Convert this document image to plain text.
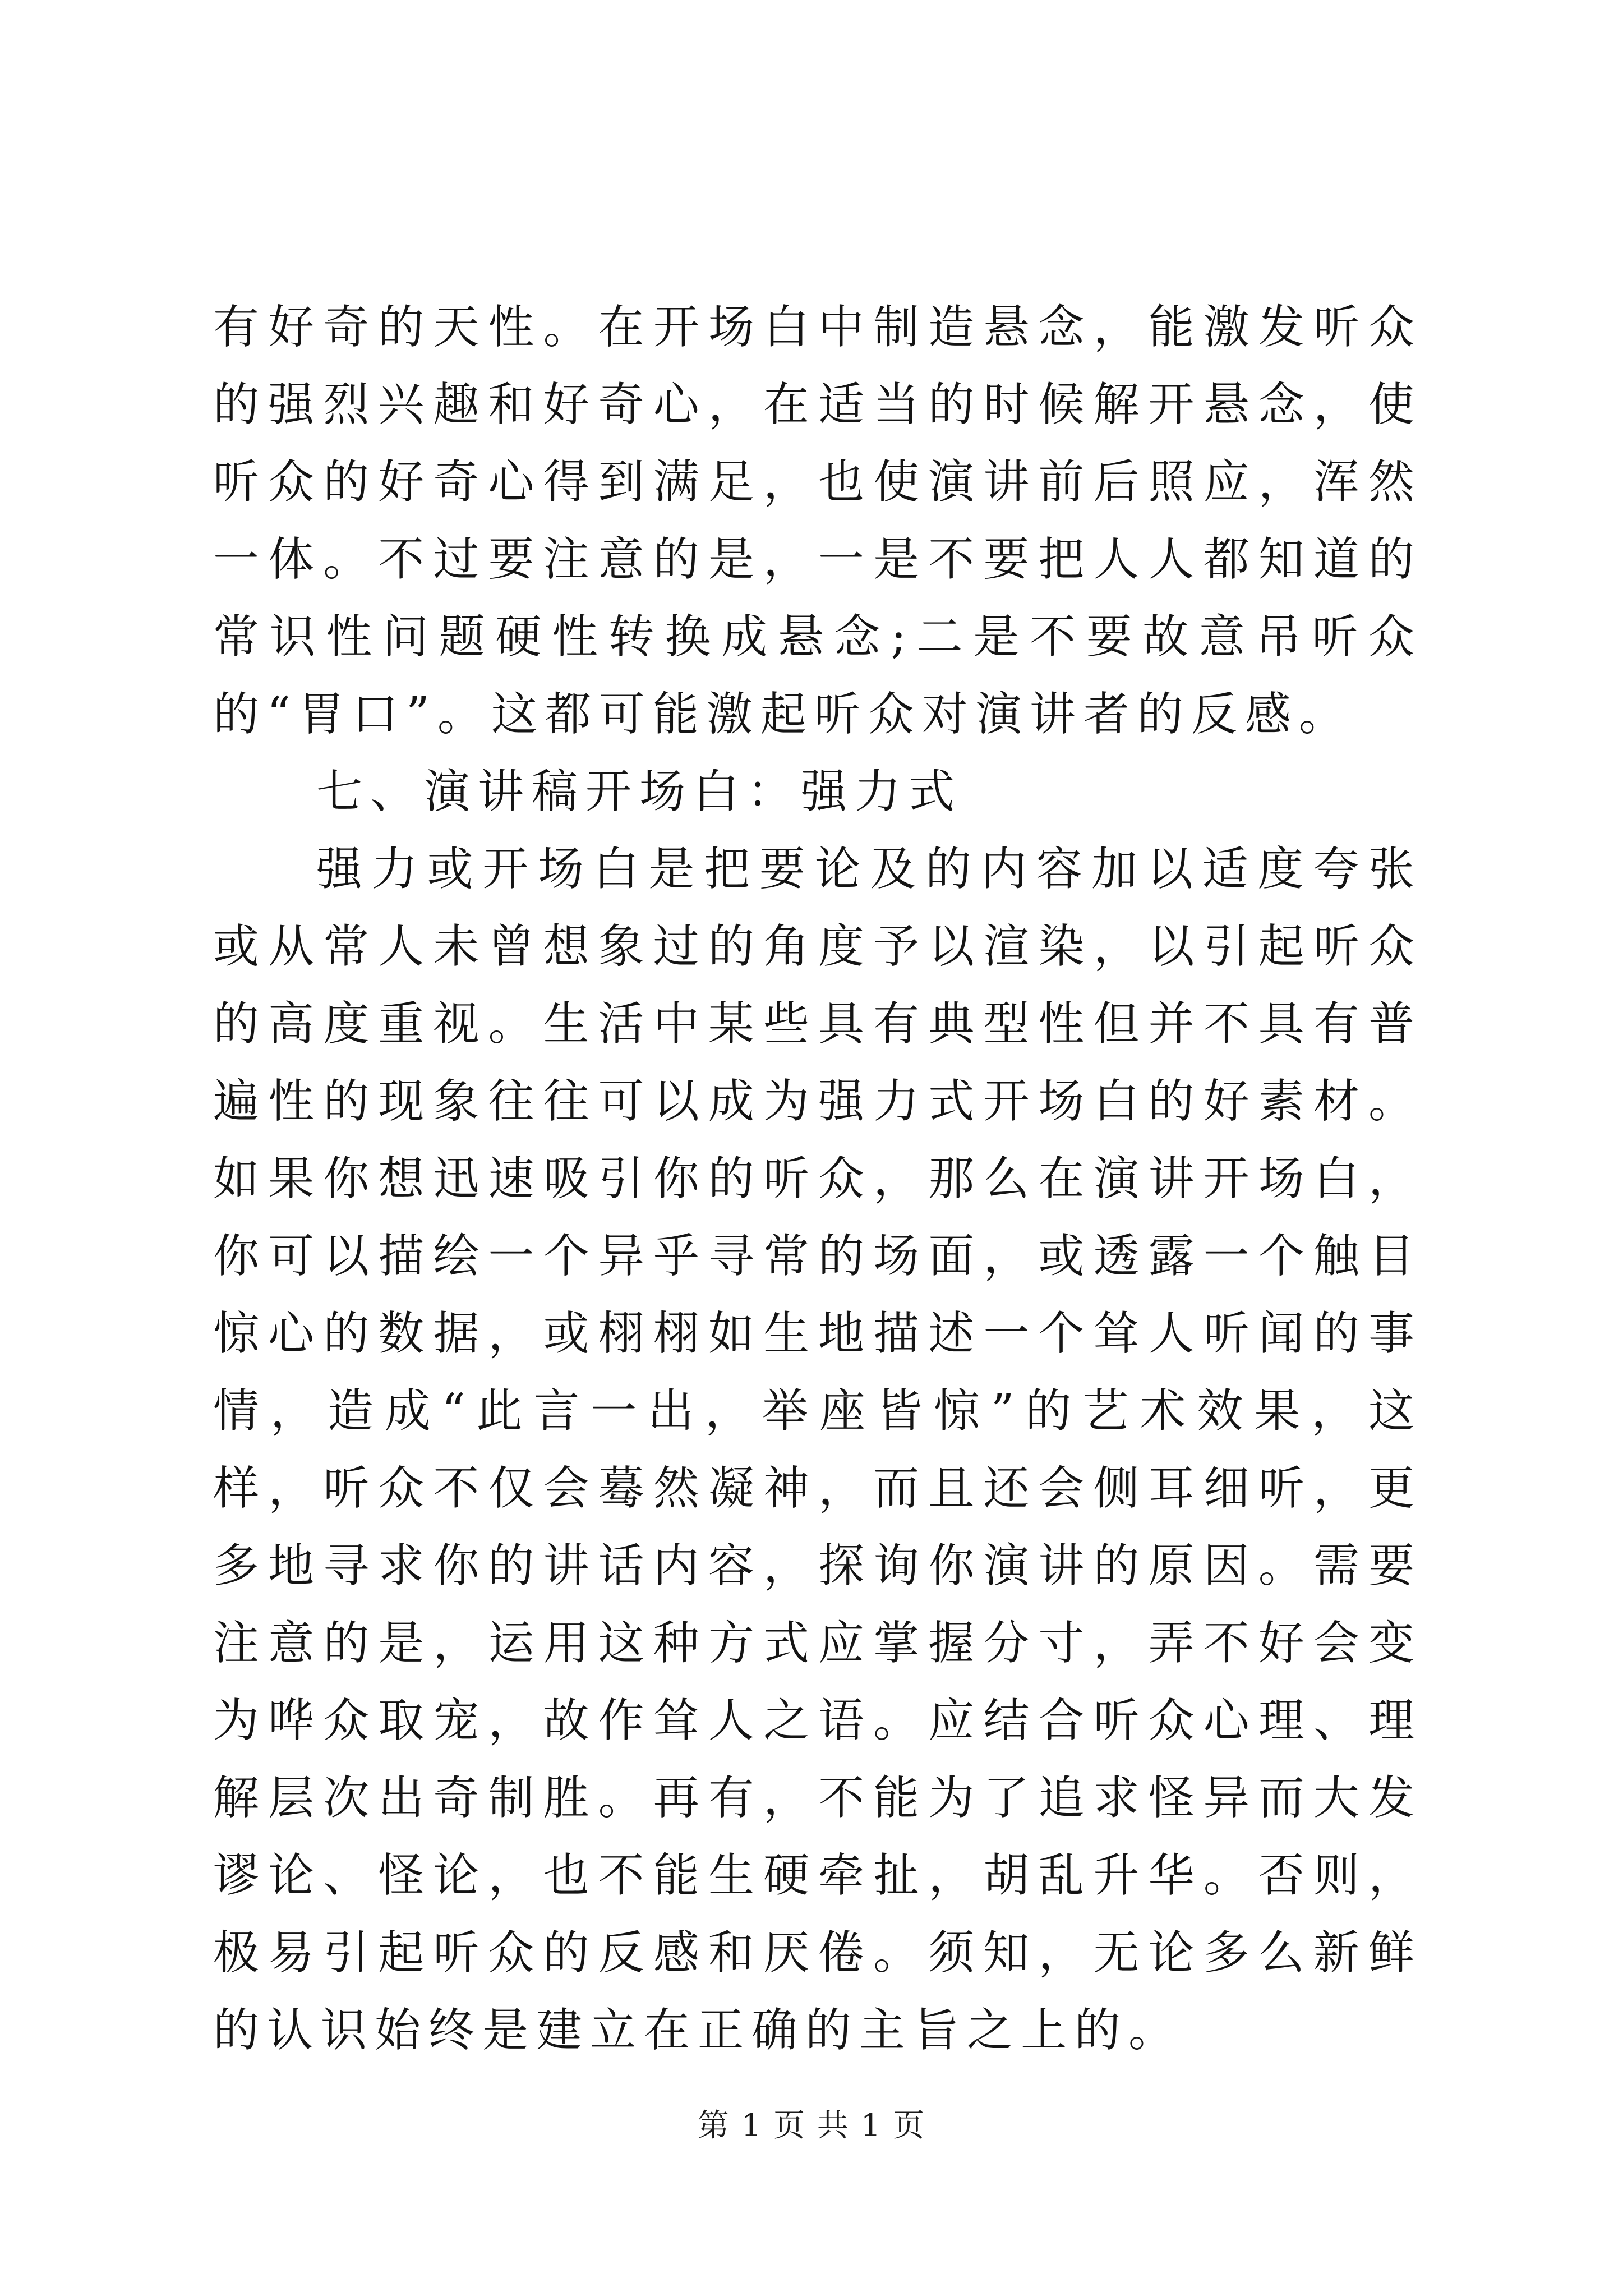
有好奇的天性。在开场白中制造悬念，能激发听众的强烈兴趣和好奇心，在适当的时候解开悬念，使听众的好奇心得到满足，也使演讲前后照应，浑然一体。不过要注意的是，一是不要把人人都知道的常识性问题硬性转换成悬念;二是不要故意吊听众的“胃口”。这都可能激起听众对演讲者的反感。

七、演讲稿开场白：强力式

强力或开场白是把要论及的内容加以适度夸张或从常人未曾想象过的角度予以渲染，以引起听众的高度重视。生活中某些具有典型性但并不具有普遍性的现象往往可以成为强力式开场白的好素材。如果你想迅速吸引你的听众，那么在演讲开场白，你可以描绘一个异乎寻常的场面，或透露一个触目惊心的数据，或栩栩如生地描述一个耸人听闻的事情，造成“此言一出，举座皆惊”的艺术效果，这样，听众不仅会蓦然凝神，而且还会侧耳细听，更多地寻求你的讲话内容，探询你演讲的原因。需要注意的是，运用这种方式应掌握分寸，弄不好会变为哗众取宠，故作耸人之语。应结合听众心理、理解层次出奇制胜。再有，不能为了追求怪异而大发谬论、怪论，也不能生硬牵扯，胡乱升华。否则，极易引起听众的反感和厌倦。须知，无论多么新鲜的认识始终是建立在正确的主旨之上的。

第 1 页 共 1 页
